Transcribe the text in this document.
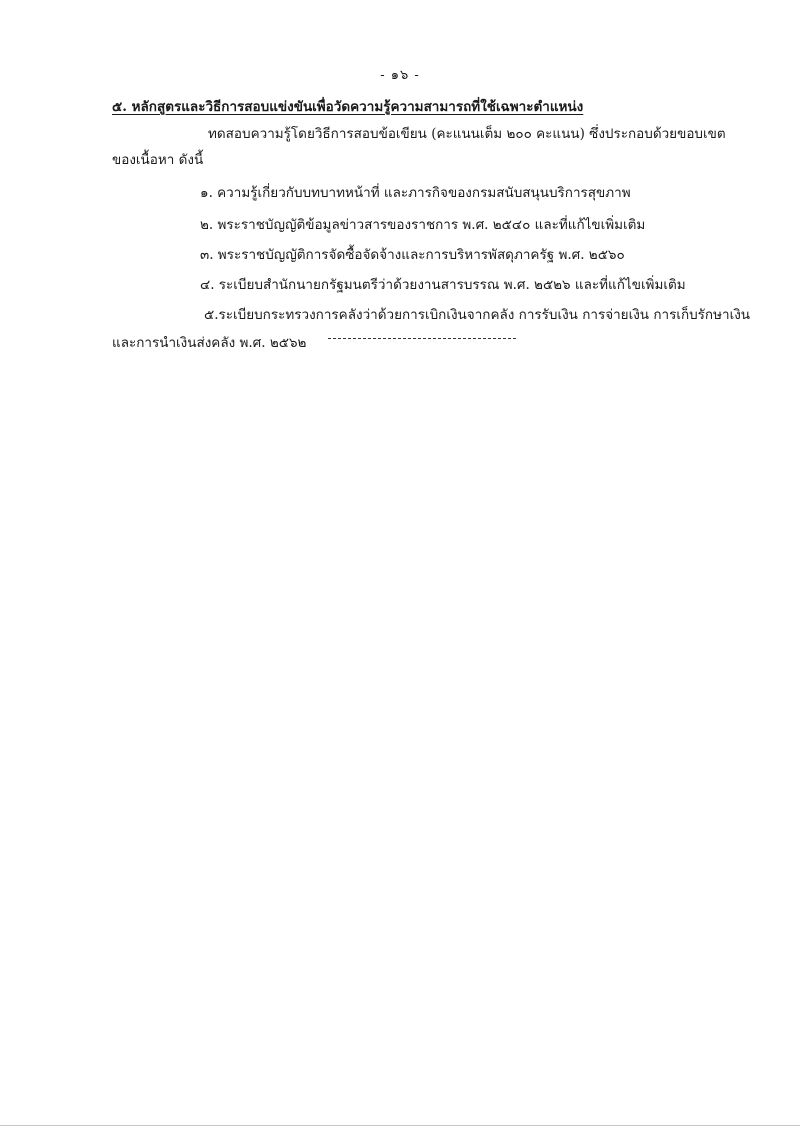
- ๑๖ -
๕. หลักสูตรและวิธีการสอบแข่งขันเพื่อวัดความรู้ความสามารถที่ใช้เฉพาะตำแหน่ง
ทดสอบความรู้โดยวิธีการสอบข้อเขียน (คะแนนเต็ม ๒๐๐ คะแนน) ซึ่งประกอบด้วยขอบเขต
ของเนื้อหา ดังนี้
๑. ความรู้เกี่ยวกับบทบาทหน้าที่ และภารกิจของกรมสนับสนุนบริการสุขภาพ
๒. พระราชบัญญัติข้อมูลข่าวสารของราชการ พ.ศ. ๒๕๔๐ และที่แก้ไขเพิ่มเติม
๓. พระราชบัญญัติการจัดซื้อจัดจ้างและการบริหารพัสดุภาครัฐ พ.ศ. ๒๕๖๐
๔. ระเบียบสำนักนายกรัฐมนตรีว่าด้วยงานสารบรรณ พ.ศ. ๒๕๒๖ และที่แก้ไขเพิ่มเติม
๕.ระเบียบกระทรวงการคลังว่าด้วยการเบิกเงินจากคลัง การรับเงิน การจ่ายเงิน การเก็บรักษาเงิน
และการนำเงินส่งคลัง พ.ศ. ๒๕๖๒
